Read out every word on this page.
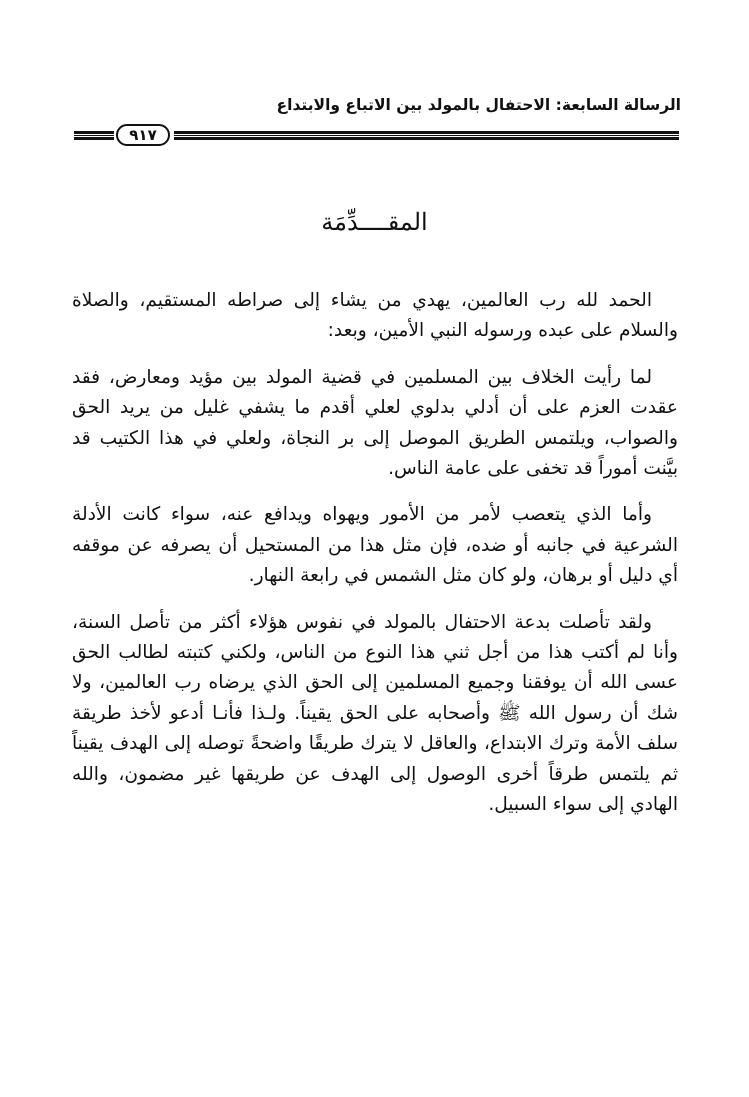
الرسالة السابعة: الاحتفال بالمولد بين الاتباع والابتداع
٩١٧
المقــــدِّمَة

الحمد لله رب العالمين، يهدي من يشاء إلى صراطه المستقيم، والصلاة والسلام على عبده ورسوله النبي الأمين، وبعد:

لما رأيت الخلاف بين المسلمين في قضية المولد بين مؤيد ومعارض، فقد عقدت العزم على أن أدلي بدلوي لعلي أقدم ما يشفي غليل من يريد الحق والصواب، ويلتمس الطريق الموصل إلى بر النجاة، ولعلي في هذا الكتيب قد بيَّنت أموراً قد تخفى على عامة الناس.

وأما الذي يتعصب لأمر من الأمور ويهواه ويدافع عنه، سواء كانت الأدلة الشرعية في جانبه أو ضده، فإن مثل هذا من المستحيل أن يصرفه عن موقفه أي دليل أو برهان، ولو كان مثل الشمس في رابعة النهار.

ولقد تأصلت بدعة الاحتفال بالمولد في نفوس هؤلاء أكثر من تأصل السنة، وأنا لم أكتب هذا من أجل ثني هذا النوع من الناس، ولكني كتبته لطالب الحق عسى الله أن يوفقنا وجميع المسلمين إلى الحق الذي يرضاه رب العالمين، ولا شك أن رسول الله ﷺ وأصحابه على الحق يقيناً. ولـذا فأنـا أدعو لأخذ طريقة سلف الأمة وترك الابتداع، والعاقل لا يترك طريقًا واضحةً توصله إلى الهدف يقيناً ثم يلتمس طرقاً أخرى الوصول إلى الهدف عن طريقها غير مضمون، والله الهادي إلى سواء السبيل.
